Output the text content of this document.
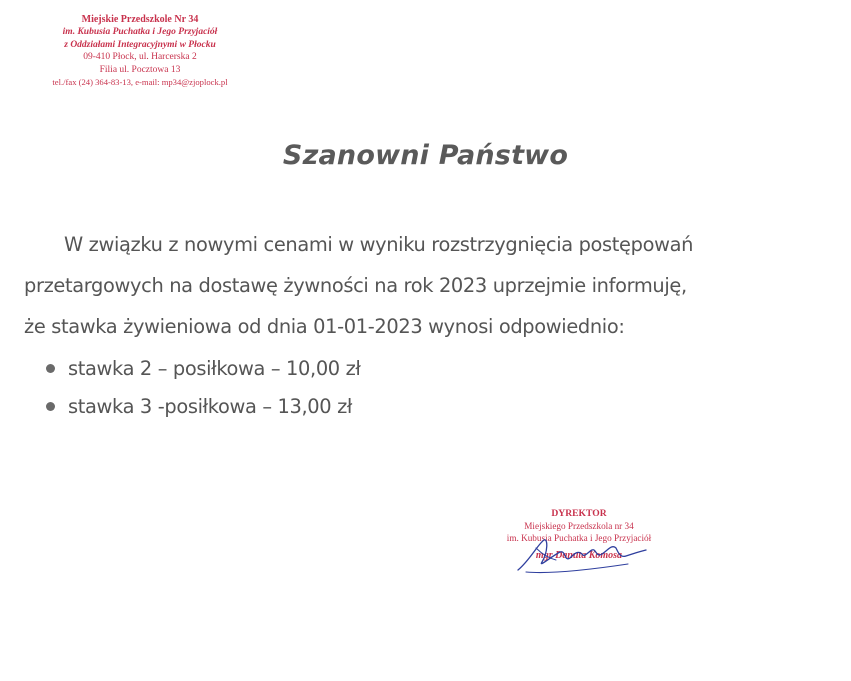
Miejskie Przedszkole Nr 34
im. Kubusia Puchatka i Jego Przyjaciół
z Oddziałami Integracyjnymi w Płocku
09-410 Płock, ul. Harcerska 2
Filia ul. Pocztowa 13
tel./fax (24) 364-83-13, e-mail: mp34@zjoplock.pl
Szanowni Państwo
W związku z nowymi cenami w wyniku rozstrzygnięcia postępowań
przetargowych na dostawę żywności na rok 2023 uprzejmie informuję,
że stawka żywieniowa od dnia 01-01-2023 wynosi odpowiednio:
stawka 2 – posiłkowa – 10,00 zł
stawka 3 -posiłkowa – 13,00 zł
DYREKTOR
Miejskiego Przedszkola nr 34
im. Kubusia Puchatka i Jego Przyjaciół
mgr Danuta Komosa
